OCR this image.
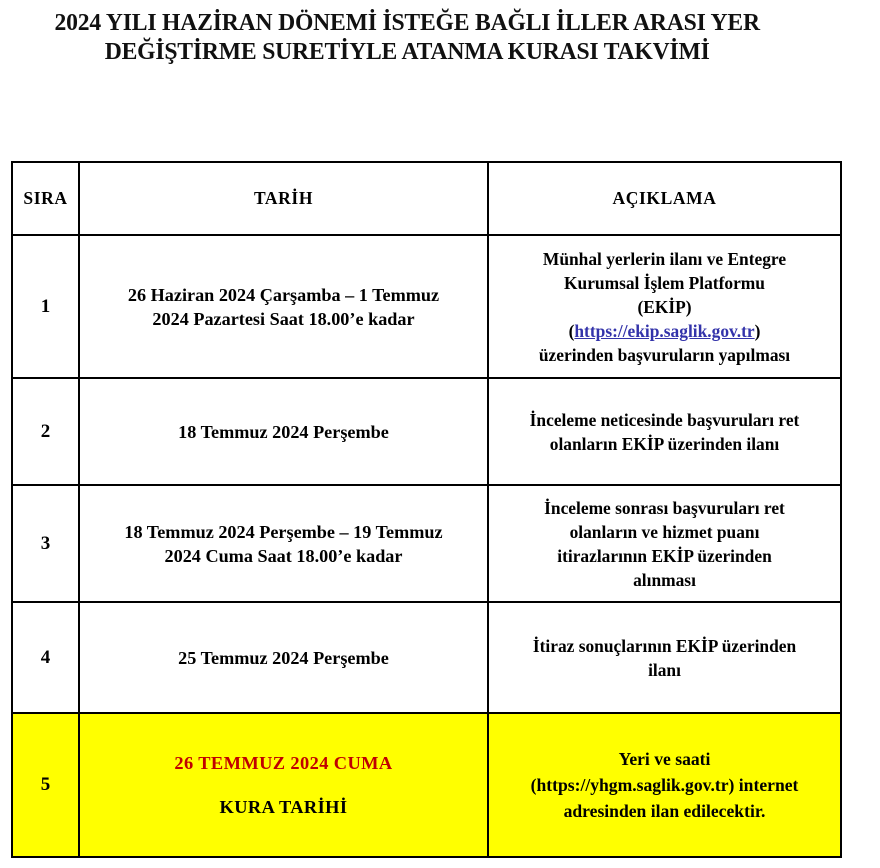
2024 YILI HAZİRAN DÖNEMİ İSTEĞE BAĞLI İLLER ARASI YER
DEĞİŞTİRME SURETİYLE ATANMA KURASI TAKVİMİ
SIRA	TARİH	AÇIKLAMA
1	26 Haziran 2024 Çarşamba – 1 Temmuz
2024 Pazartesi Saat 18.00’e kadar	Münhal yerlerin ilanı ve Entegre
Kurumsal İşlem Platformu
(EKİP)
(https://ekip.saglik.gov.tr)
üzerinden başvuruların yapılması

2	18 Temmuz 2024 Perşembe	İnceleme neticesinde başvuruları ret
olanların EKİP üzerinden ilanı

3	18 Temmuz 2024 Perşembe – 19 Temmuz
2024 Cuma Saat 18.00’e kadar	İnceleme sonrası başvuruları ret
olanların ve hizmet puanı
itirazlarının EKİP üzerinden
alınması

4	25 Temmuz 2024 Perşembe	İtiraz sonuçlarının EKİP üzerinden
ilanı

5	26 TEMMUZ 2024 CUMA
KURA TARİHİ	Yeri ve saati
(https://yhgm.saglik.gov.tr) internet
adresinden ilan edilecektir.
